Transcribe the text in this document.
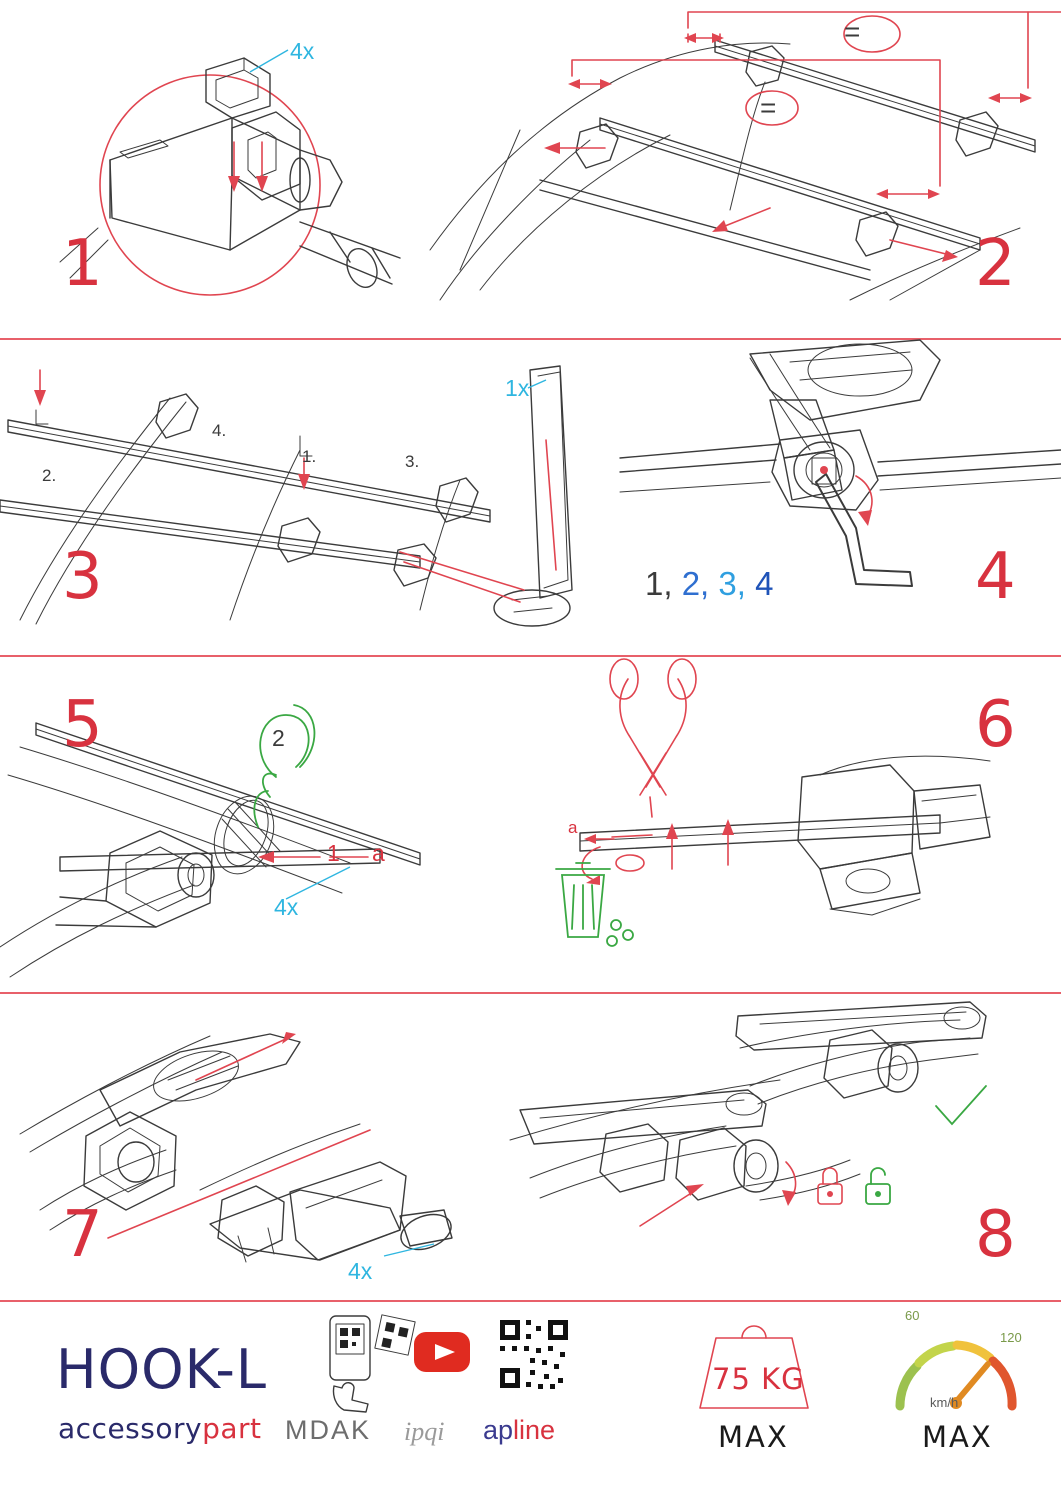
1
4x
2
=
=
3
1x
1.
2.
3.
4.
4
1, 2, 3, 4
5	2
1 a
4x
6
a
7	4x	8
HOOK-L
accessorypart MDAK ipqi apline
75 KG
MAX	MAX
km/h
60
120
